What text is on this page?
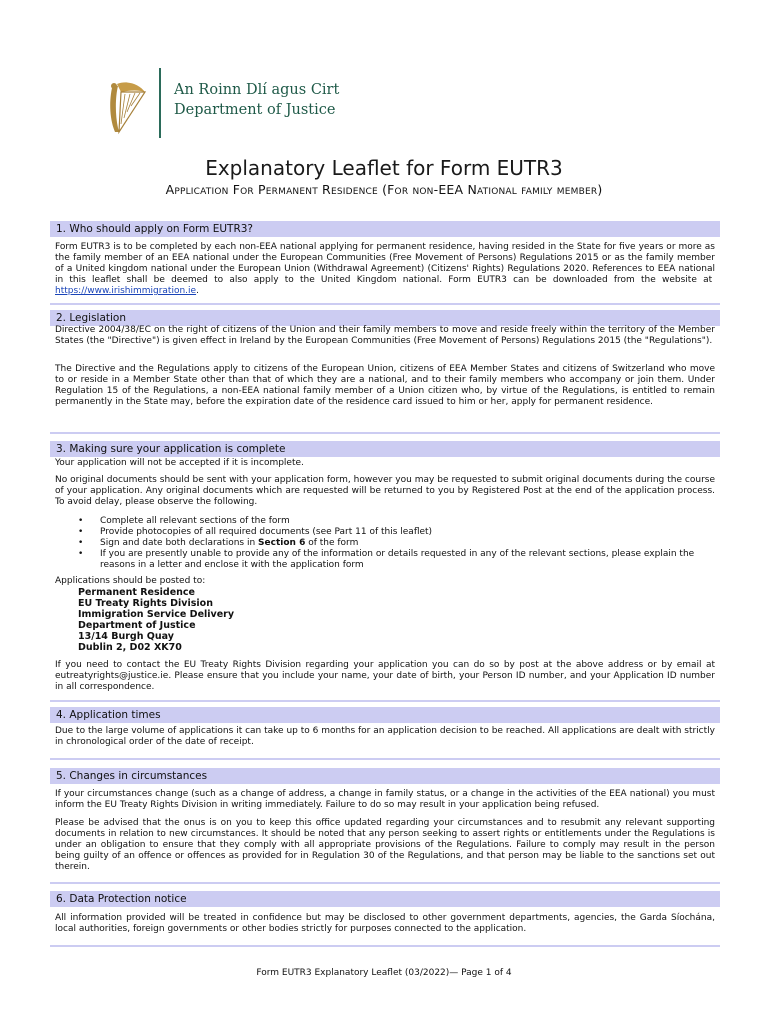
An Roinn Dlí agus Cirt
Department of Justice
Explanatory Leaflet for Form EUTR3
Application For Permanent Residence (For non-EEA National family member)
1. Who should apply on Form EUTR3?

Form EUTR3 is to be completed by each non-EEA national applying for permanent residence, having resided in the State for five years or more as the family member of an EEA national under the European Communities (Free Movement of Persons) Regulations 2015 or as the family member of a United kingdom national under the European Union (Withdrawal Agreement) (Citizens' Rights) Regulations 2020. References to EEA national in this leaflet shall be deemed to also apply to the United Kingdom national. Form EUTR3 can be downloaded from the website at  https://www.irishimmigration.ie.

2. Legislation

Directive 2004/38/EC on the right of citizens of the Union and their family members to move and reside freely within the territory of the Member States (the "Directive") is given effect in Ireland by the European Communities (Free Movement of Persons) Regulations 2015 (the "Regulations").

The Directive and the Regulations apply to citizens of the European Union, citizens of EEA Member States and citizens of Switzerland who move to or reside in a Member State other than that of which they are a national, and to their family members who accompany or join them. Under Regulation 15 of the Regulations, a non-EEA national family member of a Union citizen who, by virtue of the Regulations, is entitled to remain permanently in the State may, before the expiration date of the residence card issued to him or her, apply for permanent residence.

3. Making sure your application is complete

Your application will not be accepted if it is incomplete.

No original documents should be sent with your application form, however you may be requested to submit original documents during the course of your application. Any original documents which are requested will be returned to you by Registered Post at the end of the application process. To avoid delay, please observe the following.

• Complete all relevant sections of the form
• Provide photocopies of all required documents (see Part 11 of this leaflet)
• Sign and date both declarations in Section 6 of the form
• If you are presently unable to provide any of the information or details requested in any of the relevant sections, please explain the reasons in a letter and enclose it with the application form

Applications should be posted to:

Permanent Residence
EU Treaty Rights Division
Immigration Service Delivery
Department of Justice
13/14 Burgh Quay
Dublin 2, D02 XK70

If you need to contact the EU Treaty Rights Division regarding your application you can do so by post at the above address or by email at eutreatyrights@justice.ie. Please ensure that you include your name, your date of birth, your Person ID number, and your Application ID number in all correspondence.

4. Application times

Due to the large volume of applications it can take up to 6 months for an application decision to be reached. All applications are dealt with strictly in chronological order of the date of receipt.

5. Changes in circumstances

If your circumstances change (such as a change of address, a change in family status, or a change in the activities of the EEA national) you must inform the EU Treaty Rights Division in writing immediately. Failure to do so may result in your application being refused.

Please be advised that the onus is on you to keep this office updated regarding your circumstances and to resubmit any relevant supporting documents in relation to new circumstances. It should be noted that any person seeking to assert rights or entitlements under the Regulations is under an obligation to ensure that they comply with all appropriate provisions of the Regulations. Failure to comply may result in the person being guilty of an offence or offences as provided for in Regulation 30 of the Regulations, and that person may be liable to the sanctions set out therein.

6. Data Protection notice

All information provided will be treated in confidence but may be disclosed to other government departments, agencies, the Garda Síochána, local authorities, foreign governments or other bodies strictly for purposes connected to the application.

Form EUTR3 Explanatory Leaflet (03/2022)— Page 1 of 4
